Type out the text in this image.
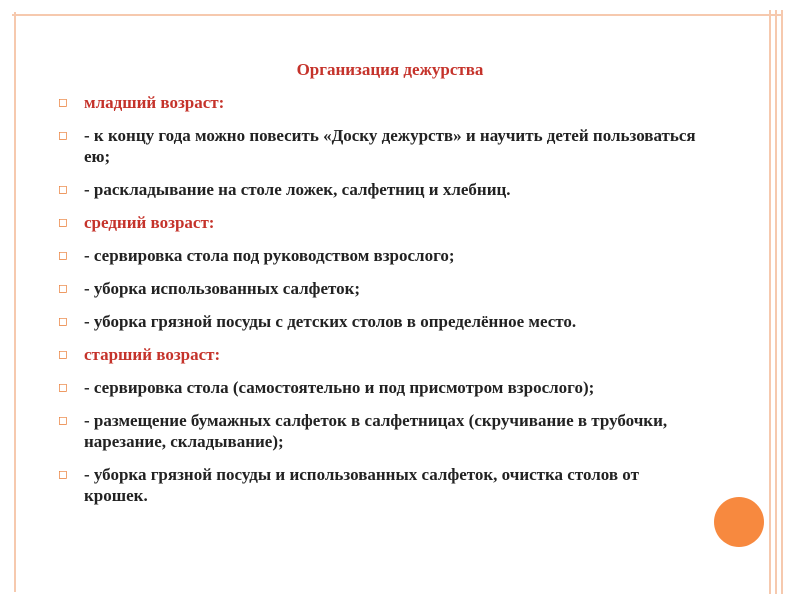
Организация дежурства
◻ младший возраст:
◻ - к концу года можно повесить «Доску дежурств» и научить детей пользоваться ею;
◻ - раскладывание на столе ложек, салфетниц и хлебниц.
◻ средний возраст:
◻ - сервировка стола под руководством взрослого;
◻ - уборка использованных салфеток;
◻ - уборка грязной посуды с детских столов в определённое место.
◻ старший возраст:
◻ - сервировка стола (самостоятельно и под присмотром взрослого);
◻ - размещение бумажных салфеток в салфетницах (скручивание в трубочки, нарезание, складывание);
◻ - уборка грязной посуды и использованных салфеток, очистка столов от крошек.
